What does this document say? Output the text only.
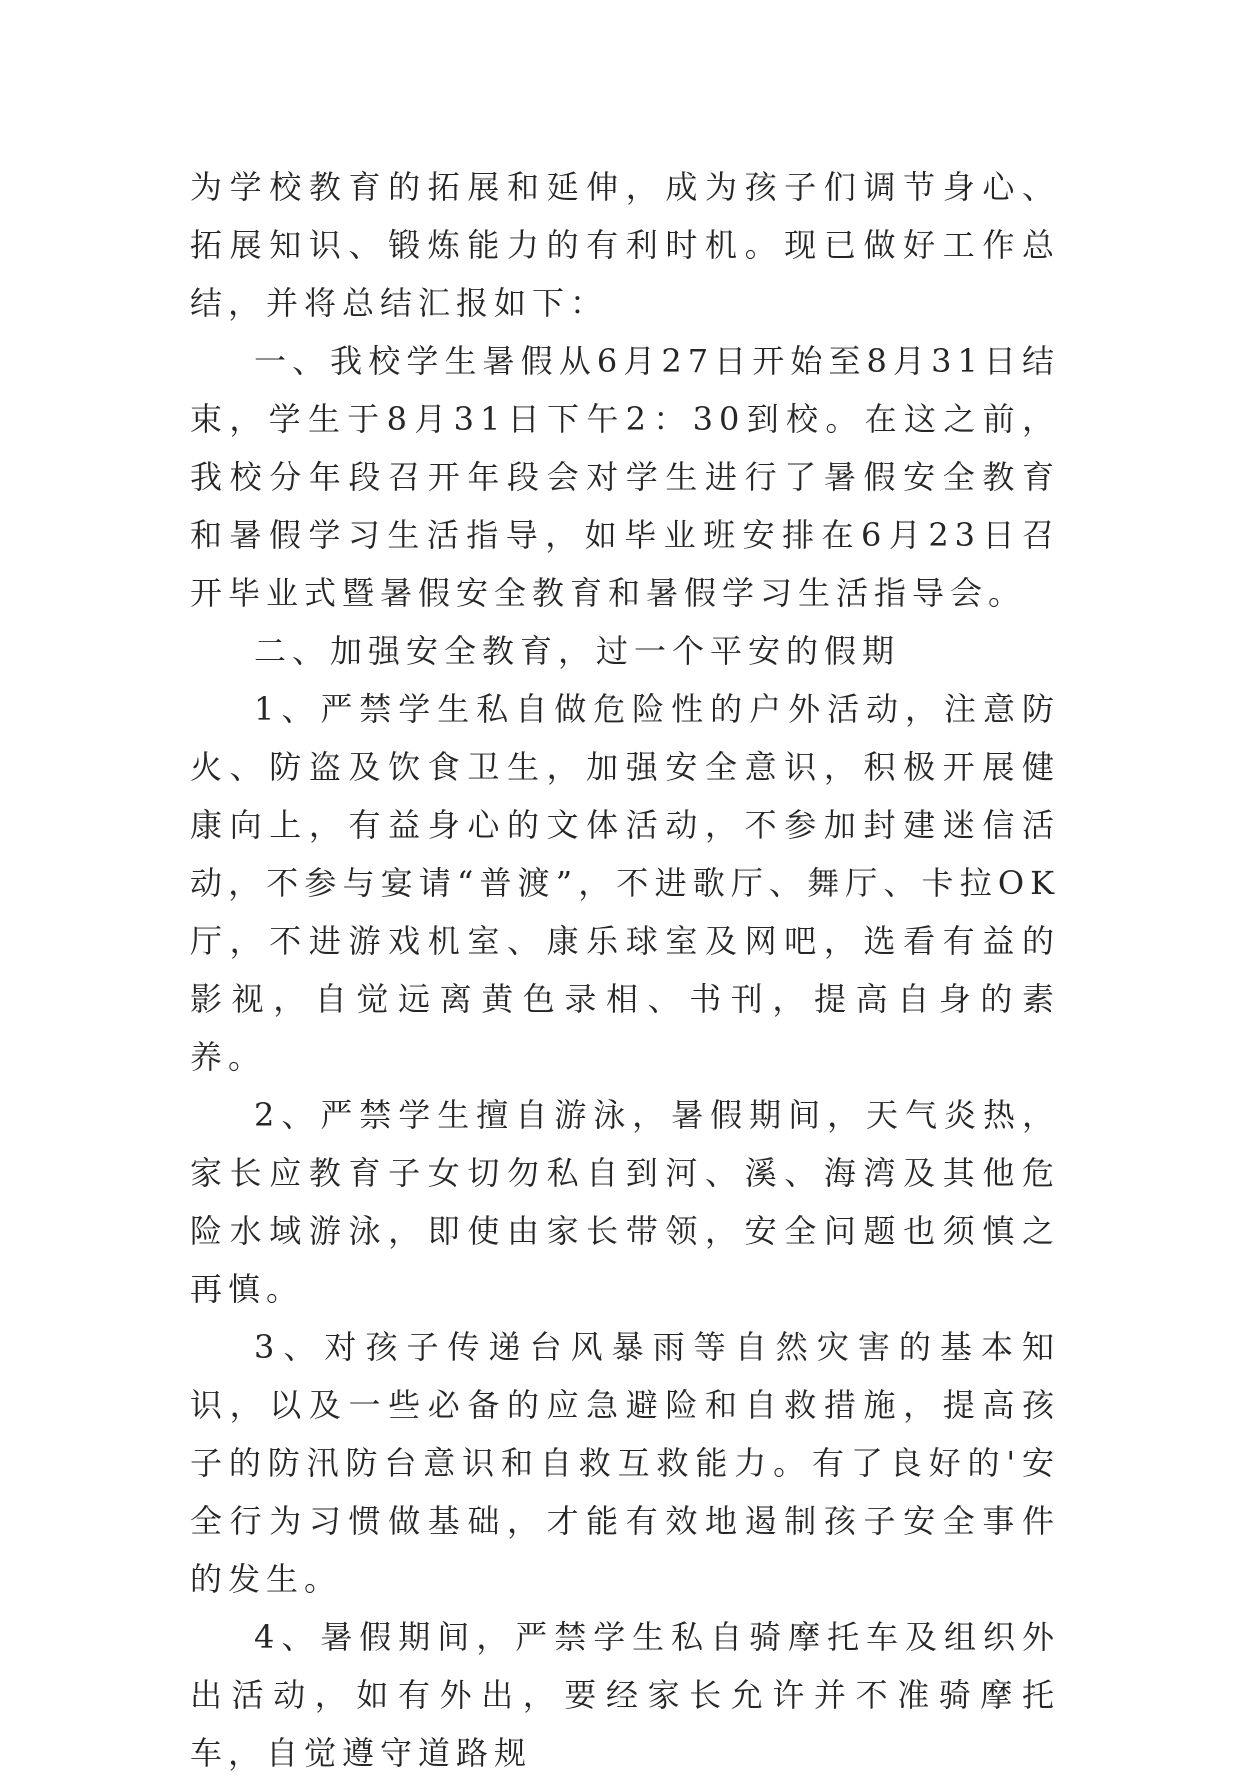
为学校教育的拓展和延伸，成为孩子们调节身心、拓展知识、锻炼能力的有利时机。现已做好工作总结，并将总结汇报如下：

一、我校学生暑假从6月27日开始至8月31日结束，学生于8月31日下午2：30到校。在这之前，我校分年段召开年段会对学生进行了暑假安全教育和暑假学习生活指导，如毕业班安排在6月23日召开毕业式暨暑假安全教育和暑假学习生活指导会。

二、加强安全教育，过一个平安的假期

1、严禁学生私自做危险性的户外活动，注意防火、防盗及饮食卫生，加强安全意识，积极开展健康向上，有益身心的文体活动，不参加封建迷信活动，不参与宴请“普渡”，不进歌厅、舞厅、卡拉OK厅，不进游戏机室、康乐球室及网吧，选看有益的影视，自觉远离黄色录相、书刊，提高自身的素养。

2、严禁学生擅自游泳，暑假期间，天气炎热，家长应教育子女切勿私自到河、溪、海湾及其他危险水域游泳，即使由家长带领，安全问题也须慎之再慎。

3、对孩子传递台风暴雨等自然灾害的基本知识，以及一些必备的应急避险和自救措施，提高孩子的防汛防台意识和自救互救能力。有了良好的'安全行为习惯做基础，才能有效地遏制孩子安全事件的发生。

4、暑假期间，严禁学生私自骑摩托车及组织外出活动，如有外出，要经家长允许并不准骑摩托车，自觉遵守道路规
